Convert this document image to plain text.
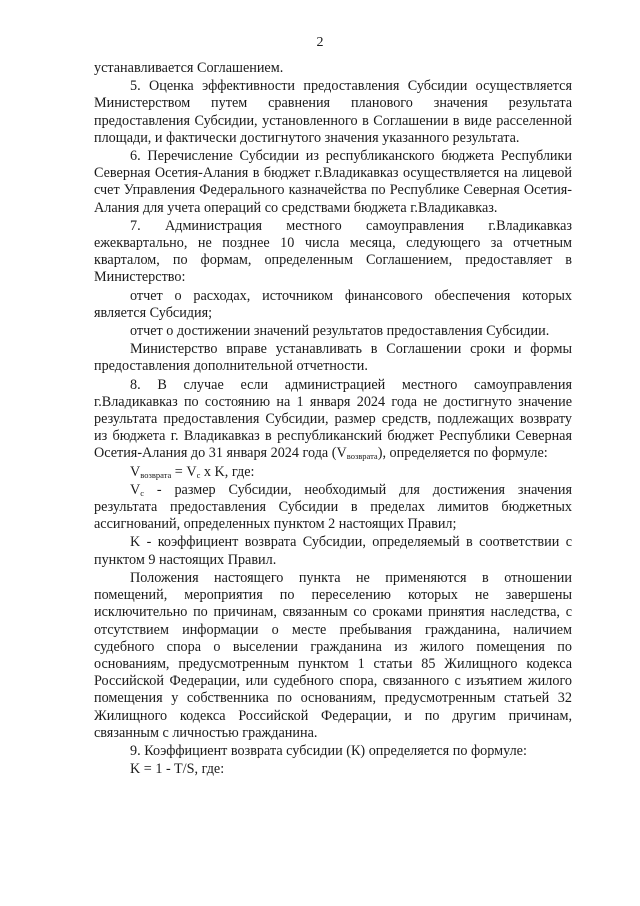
2

устанавливается Соглашением.

5. Оценка эффективности предоставления Субсидии осуществляется Министерством путем сравнения планового значения результата предоставления Субсидии, установленного в Соглашении в виде расселенной площади, и фактически достигнутого значения указанного результата.

6. Перечисление Субсидии из республиканского бюджета Республики Северная Осетия-Алания в бюджет г.Владикавказ осуществляется на лицевой счет Управления Федерального казначейства по Республике Северная Осетия-Алания для учета операций со средствами бюджета г.Владикавказ.

7. Администрация местного самоуправления г.Владикавказ ежеквартально, не позднее 10 числа месяца, следующего за отчетным кварталом, по формам, определенным Соглашением, предоставляет в Министерство:

отчет о расходах, источником финансового обеспечения которых является Субсидия;

отчет о достижении значений результатов предоставления Субсидии.

Министерство вправе устанавливать в Соглашении сроки и формы предоставления дополнительной отчетности.

8. В случае если администрацией местного самоуправления г.Владикавказ по состоянию на 1 января 2024 года не достигнуто значение результата предоставления Субсидии, размер средств, подлежащих возврату из бюджета г. Владикавказ в республиканский бюджет Республики Северная Осетия-Алания до 31 января 2024 года $(V_{возврата})$, определяется по формуле:

$V_{возврата} = V_с$ x K, где:

$V_с$ - размер Субсидии, необходимый для достижения значения результата предоставления Субсидии в пределах лимитов бюджетных ассигнований, определенных пунктом 2 настоящих Правил;

K - коэффициент возврата Субсидии, определяемый в соответствии с пунктом 9 настоящих Правил.

Положения настоящего пункта не применяются в отношении помещений, мероприятия по переселению которых не завершены исключительно по причинам, связанным со сроками принятия наследства, с отсутствием информации о месте пребывания гражданина, наличием судебного спора о выселении гражданина из жилого помещения по основаниям, предусмотренным пунктом 1 статьи 85 Жилищного кодекса Российской Федерации, или судебного спора, связанного с изъятием жилого помещения у собственника по основаниям, предусмотренным статьей 32 Жилищного кодекса Российской Федерации, и по другим причинам, связанным с личностью гражданина.

9. Коэффициент возврата субсидии (К) определяется по формуле:

K = 1 - T/S, где:
